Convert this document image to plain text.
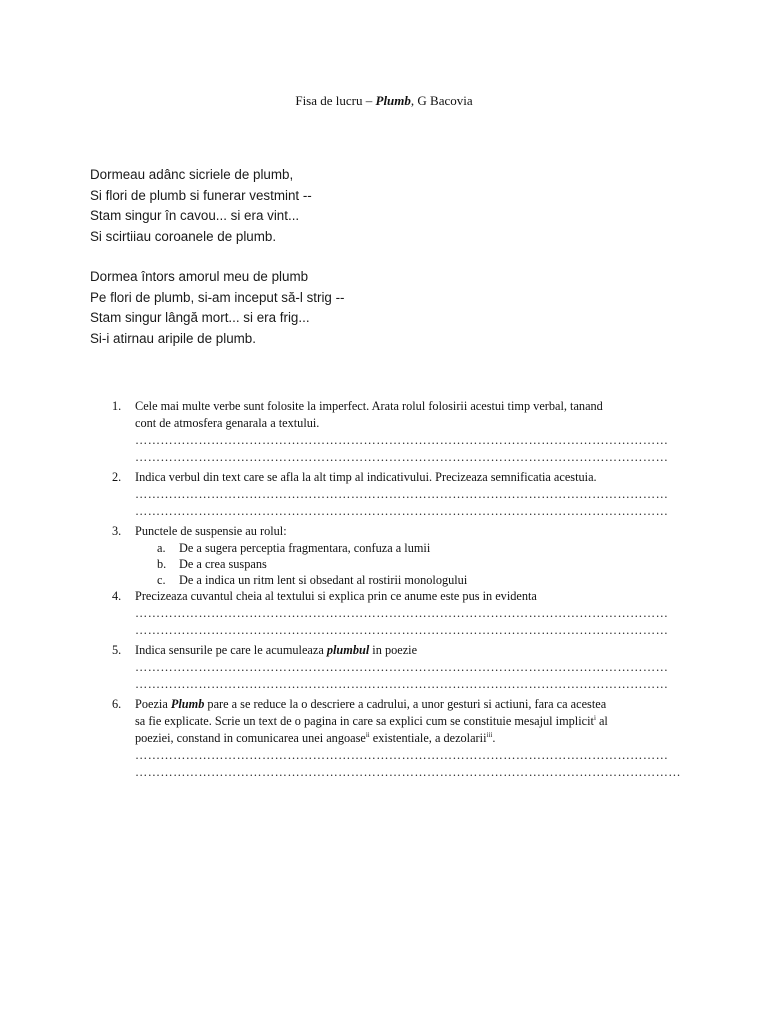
Fisa de lucru – Plumb, G Bacovia
Dormeau adânc sicriele de plumb,
Si flori de plumb si funerar vestmint --
Stam singur în cavou... si era vint...
Si scirtiiau coroanele de plumb.
Dormea întors amorul meu de plumb
Pe flori de plumb, si-am inceput să-l strig --
Stam singur lângă mort... si era frig...
Si-i atirnau aripile de plumb.
1. Cele mai multe verbe sunt folosite la imperfect. Arata rolul folosirii acestui timp verbal, tanand
cont de atmosfera genarala a textului.
………………………………………………………………………………………………………………
………………………………………………………………………………………………………………
2. Indica verbul din text care se afla la alt timp al indicativului. Precizeaza semnificatia acestuia.
………………………………………………………………………………………………………………
………………………………………………………………………………………………………………
3. Punctele de suspensie au rolul:
a. De a sugera perceptia fragmentara, confuza a lumii
b. De a crea suspans
c. De a indica un ritm lent si obsedant al rostirii monologului
4. Precizeaza cuvantul cheia al textului si explica prin ce anume este pus in evidenta
………………………………………………………………………………………………………………
………………………………………………………………………………………………………………
5. Indica sensurile pe care le acumuleaza plumbul in poezie
………………………………………………………………………………………………………………
………………………………………………………………………………………………………………
6. Poezia Plumb pare a se reduce la o descriere a cadrului, a unor gesturi si actiuni, fara ca acestea
sa fie explicate. Scrie un text de o pagina in care sa explici cum se constituie mesajul implicit$^i$ al
poeziei, constand in comunicarea unei angoase$^{ii}$ existentiale, a dezolarii$^{iii}$.
………………………………………………………………………………………………………………
…………………………………………………………………………………………………………………
